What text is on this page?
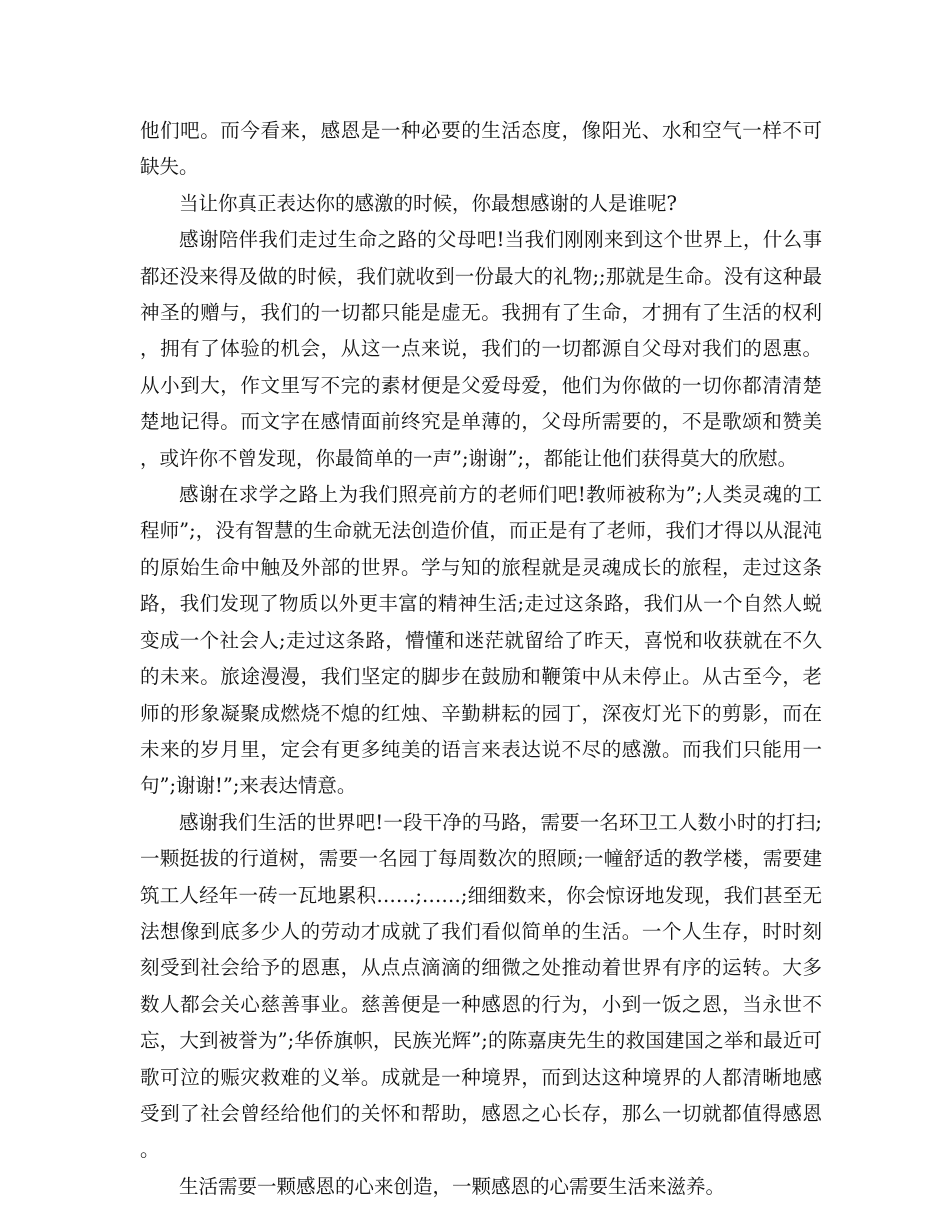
他们吧。而今看来，感恩是一种必要的生活态度，像阳光、水和空气一样不可缺失。

当让你真正表达你的感激的时候，你最想感谢的人是谁呢?

感谢陪伴我们走过生命之路的父母吧!当我们刚刚来到这个世界上，什么事都还没来得及做的时候，我们就收到一份最大的礼物;;那就是生命。没有这种最神圣的赠与，我们的一切都只能是虚无。我拥有了生命，才拥有了生活的权利，拥有了体验的机会，从这一点来说，我们的一切都源自父母对我们的恩惠。从小到大，作文里写不完的素材便是父爱母爱，他们为你做的一切你都清清楚楚地记得。而文字在感情面前终究是单薄的，父母所需要的，不是歌颂和赞美，或许你不曾发现，你最简单的一声”;谢谢”;，都能让他们获得莫大的欣慰。

感谢在求学之路上为我们照亮前方的老师们吧!教师被称为”;人类灵魂的工程师”;，没有智慧的生命就无法创造价值，而正是有了老师，我们才得以从混沌的原始生命中触及外部的世界。学与知的旅程就是灵魂成长的旅程，走过这条路，我们发现了物质以外更丰富的精神生活;走过这条路，我们从一个自然人蜕变成一个社会人;走过这条路，懵懂和迷茫就留给了昨天，喜悦和收获就在不久的未来。旅途漫漫，我们坚定的脚步在鼓励和鞭策中从未停止。从古至今，老师的形象凝聚成燃烧不熄的红烛、辛勤耕耘的园丁，深夜灯光下的剪影，而在未来的岁月里，定会有更多纯美的语言来表达说不尽的感激。而我们只能用一句”;谢谢!”;来表达情意。

感谢我们生活的世界吧!一段干净的马路，需要一名环卫工人数小时的打扫;一颗挺拔的行道树，需要一名园丁每周数次的照顾;一幢舒适的教学楼，需要建筑工人经年一砖一瓦地累积……;……;细细数来，你会惊讶地发现，我们甚至无法想像到底多少人的劳动才成就了我们看似简单的生活。一个人生存，时时刻刻受到社会给予的恩惠，从点点滴滴的细微之处推动着世界有序的运转。大多数人都会关心慈善事业。慈善便是一种感恩的行为，小到一饭之恩，当永世不忘，大到被誉为”;华侨旗帜，民族光辉”;的陈嘉庚先生的救国建国之举和最近可歌可泣的赈灾救难的义举。成就是一种境界，而到达这种境界的人都清晰地感受到了社会曾经给他们的关怀和帮助，感恩之心长存，那么一切就都值得感恩。

生活需要一颗感恩的心来创造，一颗感恩的心需要生活来滋养。
